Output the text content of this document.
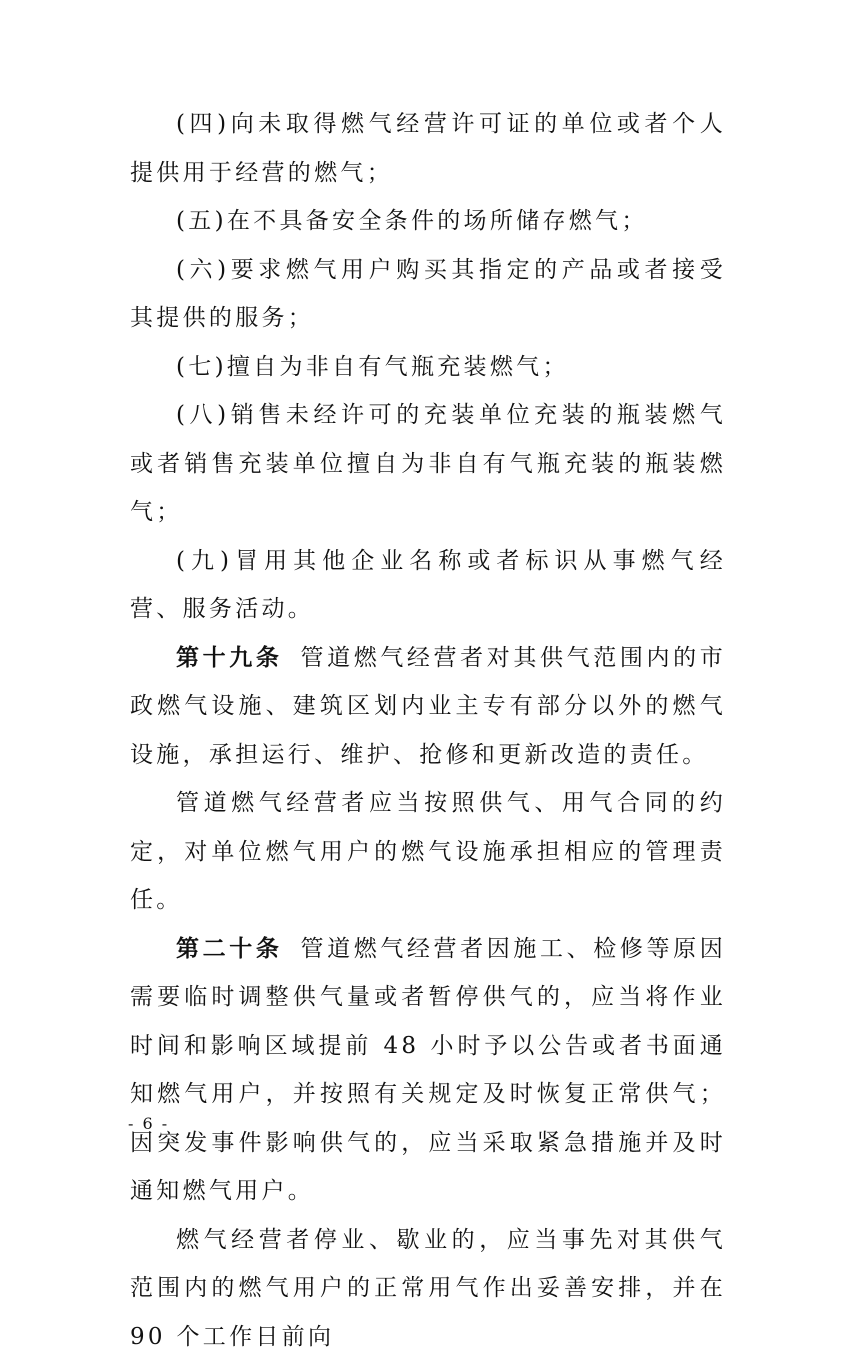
(四)向未取得燃气经营许可证的单位或者个人提供用于经营的燃气；

(五)在不具备安全条件的场所储存燃气；

(六)要求燃气用户购买其指定的产品或者接受其提供的服务；

(七)擅自为非自有气瓶充装燃气；

(八)销售未经许可的充装单位充装的瓶装燃气或者销售充装单位擅自为非自有气瓶充装的瓶装燃气；

(九)冒用其他企业名称或者标识从事燃气经营、服务活动。

第十九条 管道燃气经营者对其供气范围内的市政燃气设施、建筑区划内业主专有部分以外的燃气设施，承担运行、维护、抢修和更新改造的责任。

管道燃气经营者应当按照供气、用气合同的约定，对单位燃气用户的燃气设施承担相应的管理责任。

第二十条 管道燃气经营者因施工、检修等原因需要临时调整供气量或者暂停供气的，应当将作业时间和影响区域提前 48 小时予以公告或者书面通知燃气用户，并按照有关规定及时恢复正常供气；因突发事件影响供气的，应当采取紧急措施并及时通知燃气用户。

燃气经营者停业、歇业的，应当事先对其供气范围内的燃气用户的正常用气作出妥善安排，并在 90 个工作日前向

- 6 -
